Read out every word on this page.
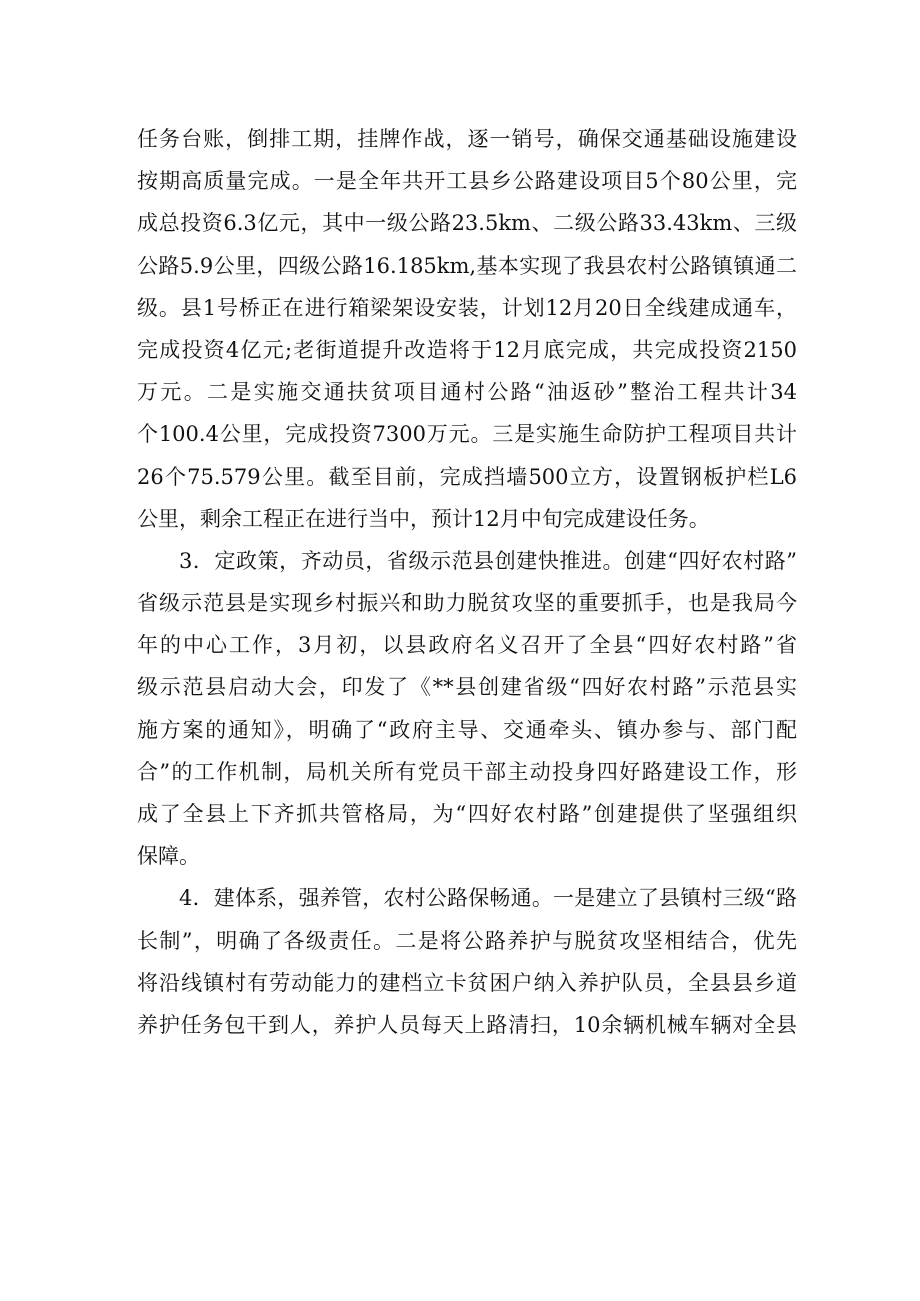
任务台账，倒排工期，挂牌作战，逐一销号，确保交通基础设施建设
按期高质量完成。一是全年共开工县乡公路建设项目5个80公里，完
成总投资6.3亿元，其中一级公路23.5km、二级公路33.43km、三级
公路5.9公里，四级公路16.185km,基本实现了我县农村公路镇镇通二
级。县1号桥正在进行箱梁架设安装，计划12月20日全线建成通车，
完成投资4亿元;老街道提升改造将于12月底完成，共完成投资2150
万元。二是实施交通扶贫项目通村公路“油返砂”整治工程共计34
个100.4公里，完成投资7300万元。三是实施生命防护工程项目共计
26个75.579公里。截至目前，完成挡墙500立方，设置钢板护栏L6
公里，剩余工程正在进行当中，预计12月中旬完成建设任务。
3．定政策，齐动员，省级示范县创建快推进。创建“四好农村路”
省级示范县是实现乡村振兴和助力脱贫攻坚的重要抓手，也是我局今
年的中心工作，3月初，以县政府名义召开了全县“四好农村路”省
级示范县启动大会，印发了《**县创建省级“四好农村路”示范县实
施方案的通知》，明确了“政府主导、交通牵头、镇办参与、部门配
合”的工作机制，局机关所有党员干部主动投身四好路建设工作，形
成了全县上下齐抓共管格局，为“四好农村路”创建提供了坚强组织
保障。
4．建体系，强养管，农村公路保畅通。一是建立了县镇村三级“路
长制”，明确了各级责任。二是将公路养护与脱贫攻坚相结合，优先
将沿线镇村有劳动能力的建档立卡贫困户纳入养护队员，全县县乡道
养护任务包干到人，养护人员每天上路清扫，10余辆机械车辆对全县
